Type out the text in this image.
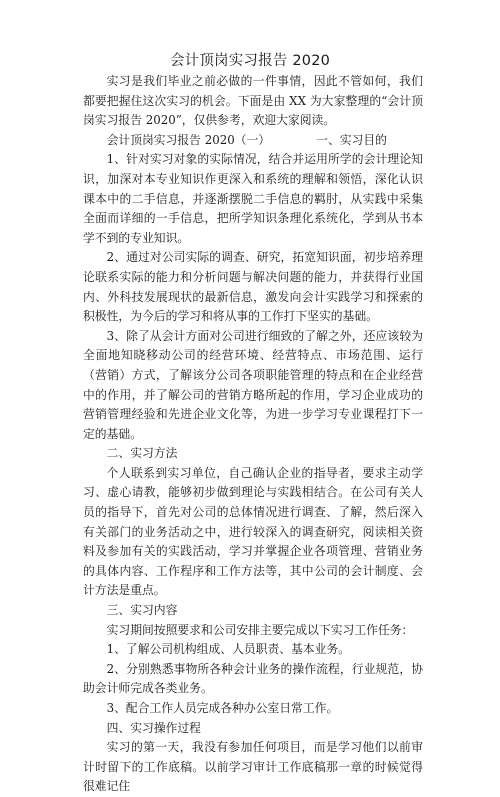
会计顶岗实习报告 2020

实习是我们毕业之前必做的一件事情，因此不管如何，我们都要把握住这次实习的机会。下面是由 XX 为大家整理的“会计顶岗实习报告 2020”，仅供参考，欢迎大家阅读。

会计顶岗实习报告 2020（一）	一、实习目的

1、针对实习对象的实际情况，结合并运用所学的会计理论知识，加深对本专业知识作更深入和系统的理解和领悟，深化认识课本中的二手信息，并逐渐摆脱二手信息的羁肘，从实践中采集全面而详细的一手信息，把所学知识条理化系统化，学到从书本学不到的专业知识。

2、通过对公司实际的调查、研究，拓宽知识面，初步培养理论联系实际的能力和分析问题与解决问题的能力，并获得行业国内、外科技发展现状的最新信息，激发向会计实践学习和探索的积极性，为今后的学习和将从事的工作打下坚实的基础。

3、除了从会计方面对公司进行细致的了解之外，还应该较为全面地知晓移动公司的经营环境、经营特点、市场范围、运行（营销）方式，了解该分公司各项职能管理的特点和在企业经营中的作用，并了解公司的营销方略所起的作用，学习企业成功的营销管理经验和先进企业文化等，为进一步学习专业课程打下一定的基础。

二、实习方法

个人联系到实习单位，自己确认企业的指导者，要求主动学习、虚心请教，能够初步做到理论与实践相结合。在公司有关人员的指导下，首先对公司的总体情况进行调查、了解，然后深入有关部门的业务活动之中，进行较深入的调查研究，阅读相关资料及参加有关的实践活动，学习并掌握企业各项管理、营销业务的具体内容、工作程序和工作方法等，其中公司的会计制度、会计方法是重点。

三、实习内容

实习期间按照要求和公司安排主要完成以下实习工作任务：

1、了解公司机构组成、人员职责、基本业务。

2、分别熟悉事物所各种会计业务的操作流程，行业规范，协助会计师完成各类业务。

3、配合工作人员完成各种办公室日常工作。

四、实习操作过程

实习的第一天，我没有参加任何项目，而是学习他们以前审计时留下的工作底稿。以前学习审计工作底稿那一章的时候觉得很难记住
